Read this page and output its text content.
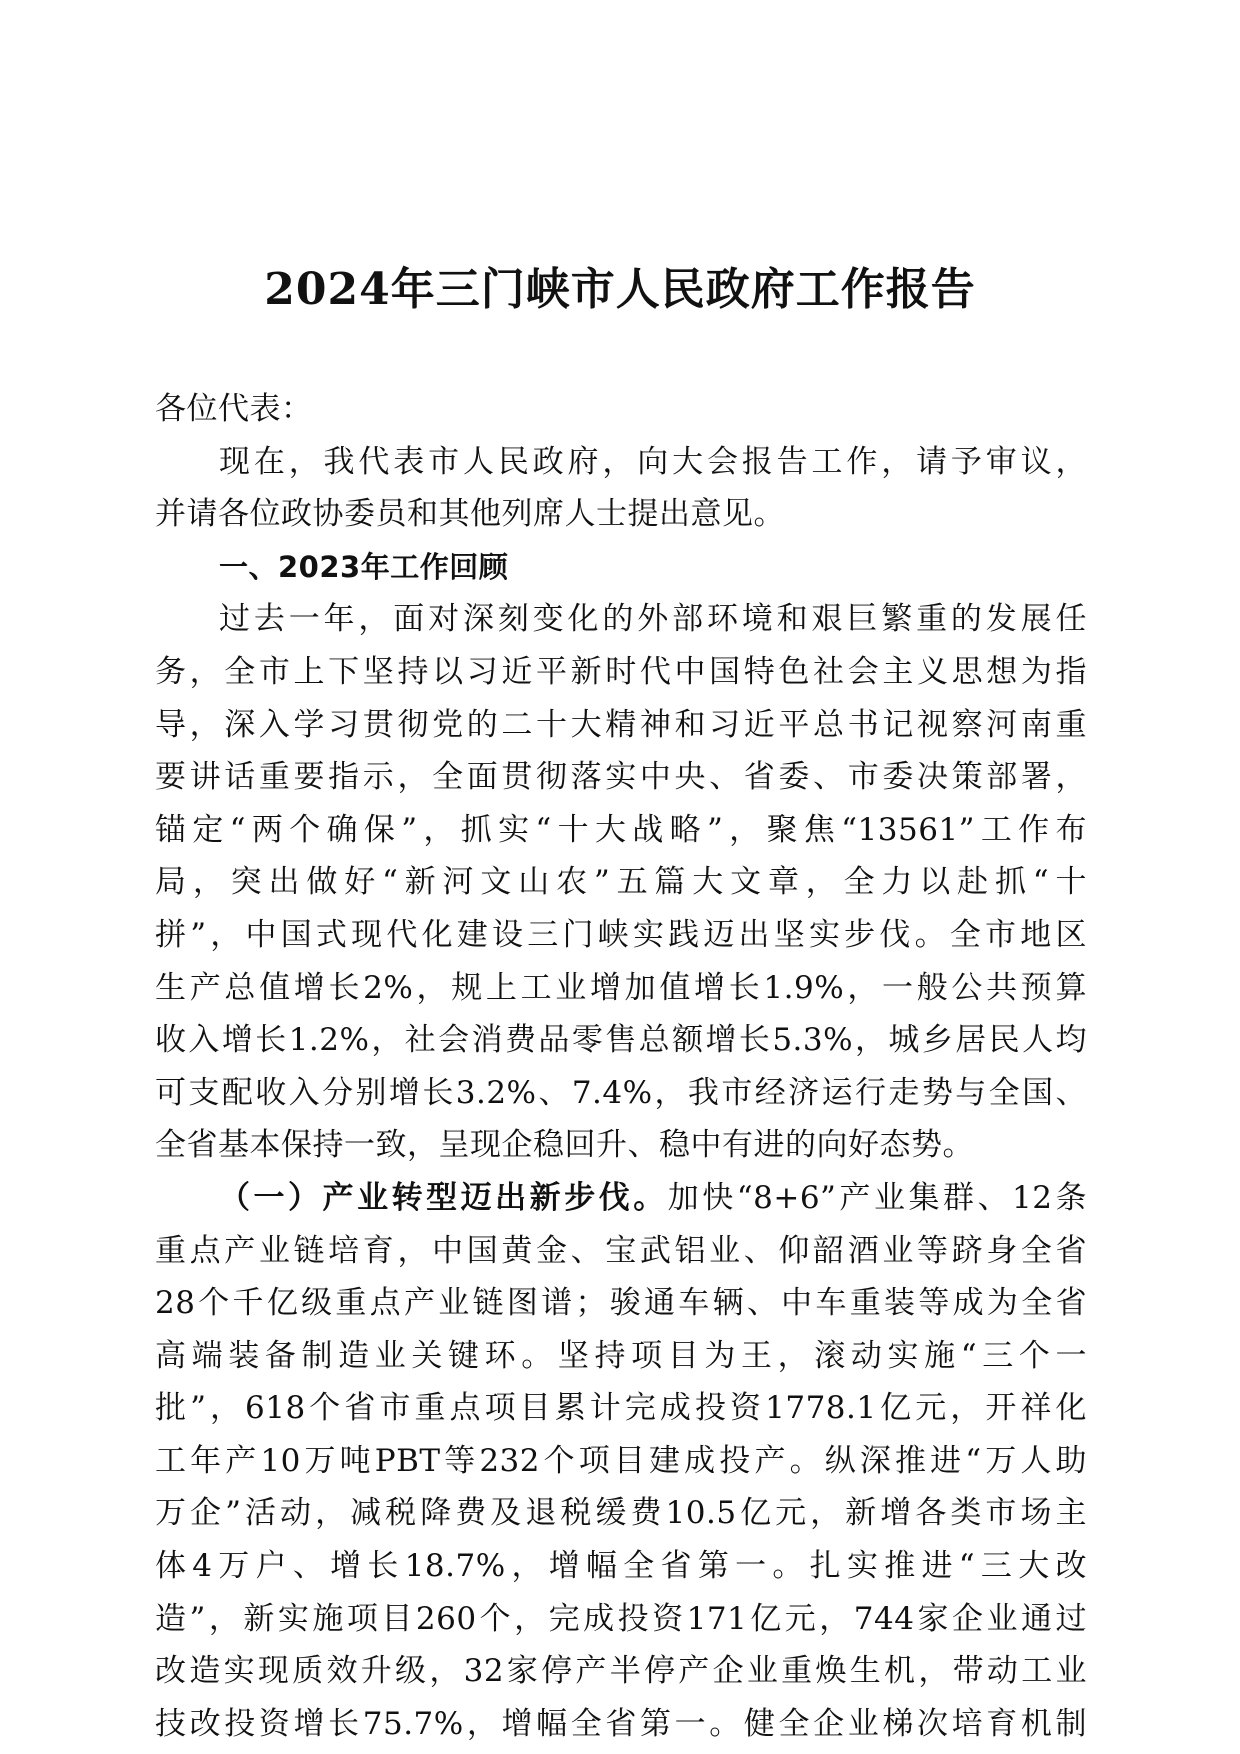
2024年三门峡市人民政府工作报告
各位代表：
现在，我代表市人民政府，向大会报告工作，请予审议，
并请各位政协委员和其他列席人士提出意见。
一、2023年工作回顾
过去一年，面对深刻变化的外部环境和艰巨繁重的发展任
务，全市上下坚持以习近平新时代中国特色社会主义思想为指
导，深入学习贯彻党的二十大精神和习近平总书记视察河南重
要讲话重要指示，全面贯彻落实中央、省委、市委决策部署，
锚定“两个确保”，抓实“十大战略”，聚焦“13561”工作布
局，突出做好“新河文山农”五篇大文章，全力以赴抓“十
拼”，中国式现代化建设三门峡实践迈出坚实步伐。全市地区
生产总值增长2%，规上工业增加值增长1.9%，一般公共预算
收入增长1.2%，社会消费品零售总额增长5.3%，城乡居民人均
可支配收入分别增长3.2%、7.4%，我市经济运行走势与全国、
全省基本保持一致，呈现企稳回升、稳中有进的向好态势。
（一）产业转型迈出新步伐。加快“8+6”产业集群、12条
重点产业链培育，中国黄金、宝武铝业、仰韶酒业等跻身全省
28个千亿级重点产业链图谱；骏通车辆、中车重装等成为全省
高端装备制造业关键环。坚持项目为王，滚动实施“三个一
批”，618个省市重点项目累计完成投资1778.1亿元，开祥化
工年产10万吨PBT等232个项目建成投产。纵深推进“万人助
万企”活动，减税降费及退税缓费10.5亿元，新增各类市场主
体4万户、增长18.7%，增幅全省第一。扎实推进“三大改
造”，新实施项目260个，完成投资171亿元，744家企业通过
改造实现质效升级，32家停产半停产企业重焕生机，带动工业
技改投资增长75.7%，增幅全省第一。健全企业梯次培育机制
